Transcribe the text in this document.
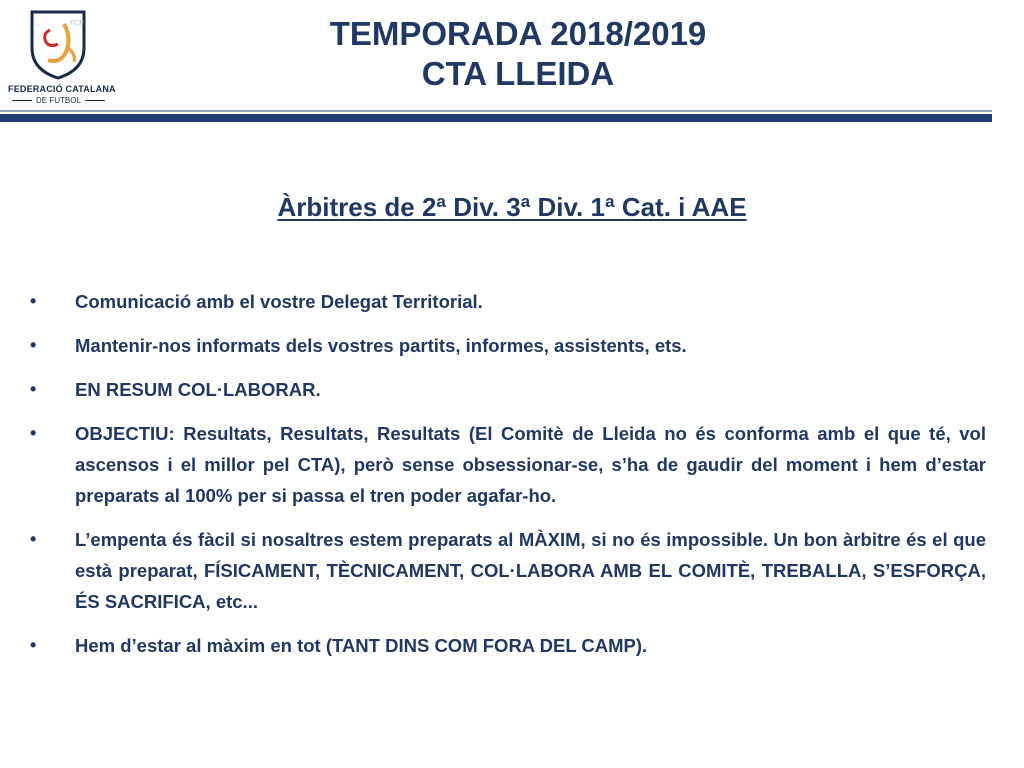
FCF
FEDERACIÓ CATALANA
DE FUTBOL
TEMPORADA 2018/2019
CTA LLEIDA
Àrbitres de 2ª Div. 3ª Div. 1ª Cat. i AAE
• Comunicació amb el vostre Delegat Territorial.
• Mantenir-nos informats dels vostres partits, informes, assistents, ets.
• EN RESUM COL·LABORAR.
• OBJECTIU: Resultats, Resultats, Resultats (El Comitè de Lleida no és conforma amb el que té, vol ascensos i el millor pel CTA), però sense obsessionar-se, s’ha de gaudir del moment i hem d’estar preparats al 100% per si passa el tren poder agafar-ho.
• L’empenta és fàcil si nosaltres estem preparats al MÀXIM, si no és impossible. Un bon àrbitre és el que està preparat, FÍSICAMENT, TÈCNICAMENT, COL·LABORA AMB EL COMITÈ, TREBALLA, S’ESFORÇA, ÉS SACRIFICA, etc...
• Hem d’estar al màxim en tot (TANT DINS COM FORA DEL CAMP).
